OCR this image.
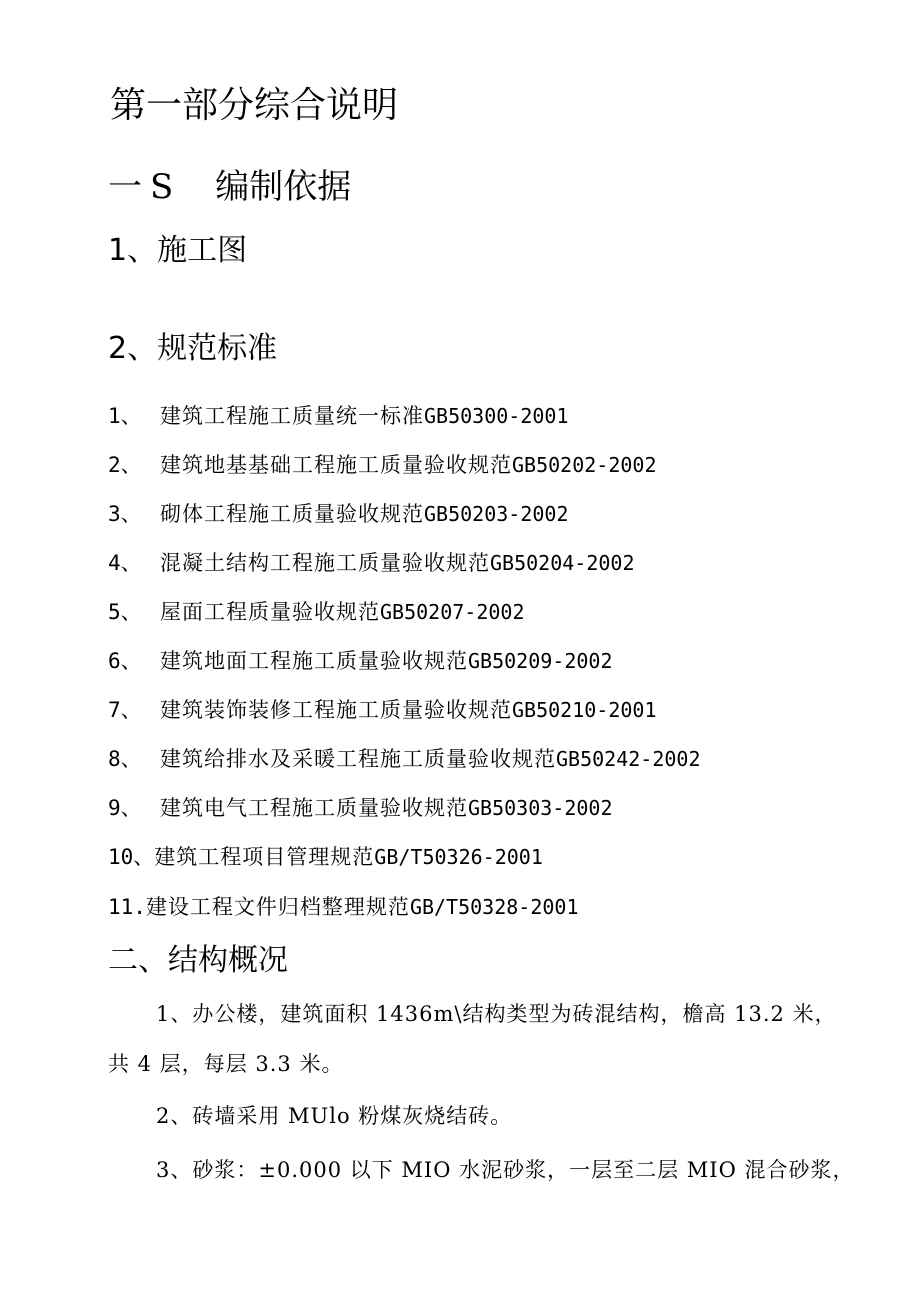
第一部分综合说明
一S 编制依据
1、施工图
2、规范标准
1、 建筑工程施工质量统一标准GB50300-2001
2、 建筑地基基础工程施工质量验收规范GB50202-2002
3、 砌体工程施工质量验收规范GB50203-2002
4、 混凝土结构工程施工质量验收规范GB50204-2002
5、 屋面工程质量验收规范GB50207-2002
6、 建筑地面工程施工质量验收规范GB50209-2002
7、 建筑装饰装修工程施工质量验收规范GB50210-2001
8、 建筑给排水及采暖工程施工质量验收规范GB50242-2002
9、 建筑电气工程施工质量验收规范GB50303-2002
10、建筑工程项目管理规范GB/T50326-2001
11.建设工程文件归档整理规范GB/T50328-2001
二、结构概况
1、办公楼，建筑面积 1436m\结构类型为砖混结构，檐高 13.2 米，
共 4 层，每层 3.3 米。
2、砖墙采用 MUlo 粉煤灰烧结砖。
3、砂浆：±0.000 以下 MIO 水泥砂浆，一层至二层 MIO 混合砂浆，
